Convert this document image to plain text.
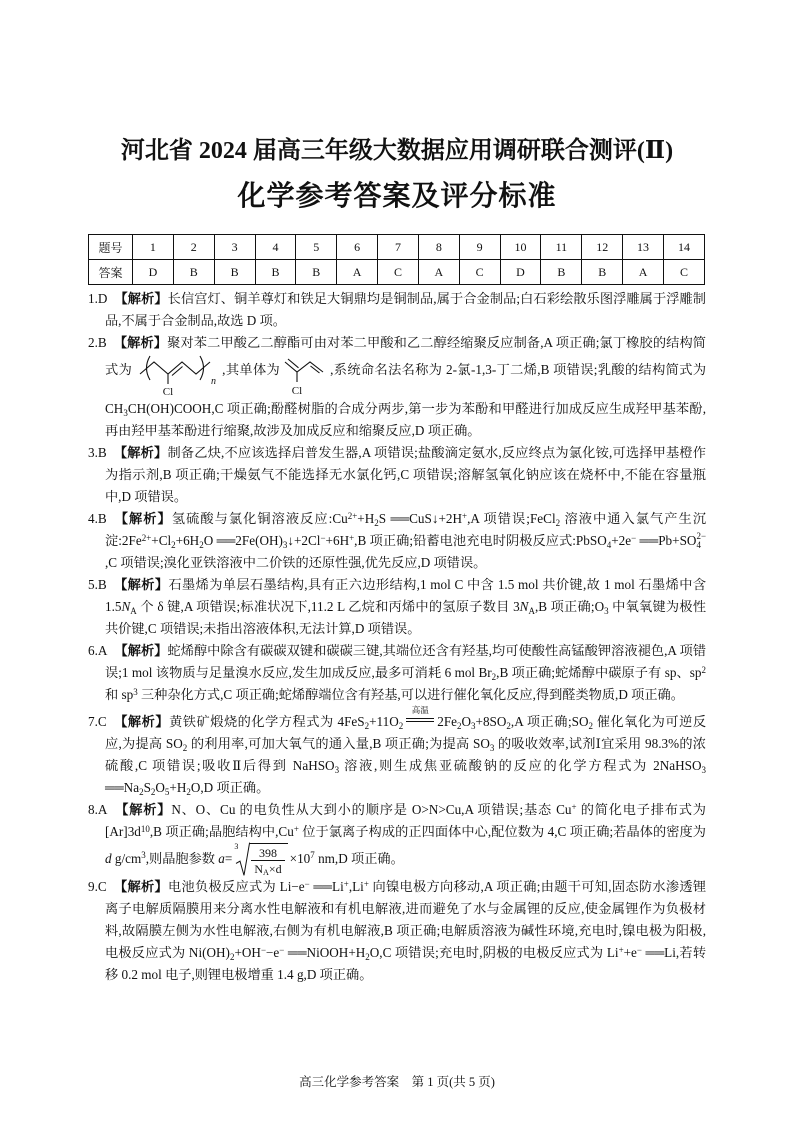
河北省 2024 届高三年级大数据应用调研联合测评(Ⅱ)
化学参考答案及评分标准
题号	1	2	3	4	5	6	7	8	9	10	11	12	13	14
答案	D	B	B	B	B	A	C	A	C	D	B	B	A	C
1.D 【解析】长信宫灯、铜羊尊灯和铁足大铜鼎均是铜制品,属于合金制品;白石彩绘散乐图浮雕属于浮雕制品,不属于合金制品,故选 D 项。
2.B 【解析】聚对苯二甲酸乙二醇酯可由对苯二甲酸和乙二醇经缩聚反应制备,A 项正确;氯丁橡胶的结构简式为
Cl
n
,其单体为
Cl
,系统命名法名称为 2-氯-1,3-丁二烯,B 项错误;乳酸的结构简式为 $CH_3CH(OH)COOH,C$ 项正确;酚醛树脂的合成分两步,第一步为苯酚和甲醛进行加成反应生成羟甲基苯酚,再由羟甲基苯酚进行缩聚,故涉及加成反应和缩聚反应,D 项正确。
3.B 【解析】制备乙炔,不应该选择启普发生器,A 项错误;盐酸滴定氨水,反应终点为氯化铵,可选择甲基橙作为指示剂,B 项正确;干燥氨气不能选择无水氯化钙,C 项错误;溶解氢氧化钠应该在烧杯中,不能在容量瓶中,D 项错误。
4.B 【解析】氢硫酸与氯化铜溶液反应$:Cu^{2+}+H_2S$ ══CuS↓+2H+,A 项错误;FeCl$_2$ 溶液中通入氯气产生沉淀$:2Fe^{2+}+Cl_2+6H_2O$ $══2Fe(OH)_3↓+2Cl^-+6H^+,B$ 项正确;铅蓄电池充电时阴极反应式:PbSO$_4$+2e− ══Pb+SO 2−
4
,C 项错误;溴化亚铁溶液中二价铁的还原性强,优先反应,D 项错误。
5.B 【解析】石墨烯为单层石墨结构,具有正六边形结构,1 mol C 中含 1.5 mol 共价键,故 1 mol 石墨烯中含 $1.5N_A$ 个 δ 键,A 项错误;标准状况下,11.2 L 乙烷和丙烯中的氢原子数目 $3N_A,B$ 项正确$;O_3$ 中氧氧键为极性共价键,C 项错误;未指出溶液体积,无法计算,D 项错误。
6.A 【解析】蛇烯醇中除含有碳碳双键和碳碳三键,其端位还含有羟基,均可使酸性高锰酸钾溶液褪色,A 项错误;1 mol 该物质与足量溴水反应,发生加成反应,最多可消耗 6 mol $Br_2,B$ 项正确;蛇烯醇中碳原子有 sp、$sp^2$ 和 $sp^3$ 三种杂化方式,C 项正确;蛇烯醇端位含有羟基,可以进行催化氧化反应,得到醛类物质,D 项正确。
7.C 【解析】黄铁矿煅烧的化学方程式为 $4FeS_2+11O_2$
高温
$2Fe_2O_3+8SO_2,A$ 项正确$;SO_2$ 催化氧化为可逆反应,为提高 $SO_2$ 的利用率,可加大氧气的通入量,B 项正确;为提高 $SO_3$ 的吸收效率,试剂Ⅰ宜采用 98.3%的浓硫酸,C 项错误;吸收Ⅱ后得到 NaHSO$_3$ 溶液,则生成焦亚硫酸钠的反应的化学方程式为 2NaHSO$_3$ $══Na_2S_2O_5+H_2O,D$ 项正确。
8.A 【解析】N、O、Cu 的电负性从大到小的顺序是 O>N>Cu,A 项错误;基态 Cu+ 的简化电子排布式为 $[Ar]3d^{10},B$ 项正确;晶胞结构中,Cu+ 位于氯离子构成的正四面体中心,配位数为 4,C 项正确;若晶体的密度为 d $g/cm^3$,则晶胞参数 a=
$3 \frac{398}{N_A\times d} \times 10^7$ nm,D 项正确。
9.C 【解析】电池负极反应式为 Li−e− ══Li+,Li+ 向镍电极方向移动,A 项正确;由题干可知,固态防水渗透锂离子电解质隔膜用来分离水性电解液和有机电解液,进而避免了水与金属锂的反应,使金属锂作为负极材料,故隔膜左侧为水性电解液,右侧为有机电解液,B 项正确;电解质溶液为碱性环境,充电时,镍电极为阳极,电极反应式为 $Ni(OH)_2+OH^--e^-$ $══NiOOH+H_2O,C$ 项错误;充电时,阴极的电极反应式为 Li++e− ══Li,若转移 0.2 mol 电子,则锂电极增重 1.4 g,D 项正确。
高三化学参考答案　第 1 页(共 5 页)
